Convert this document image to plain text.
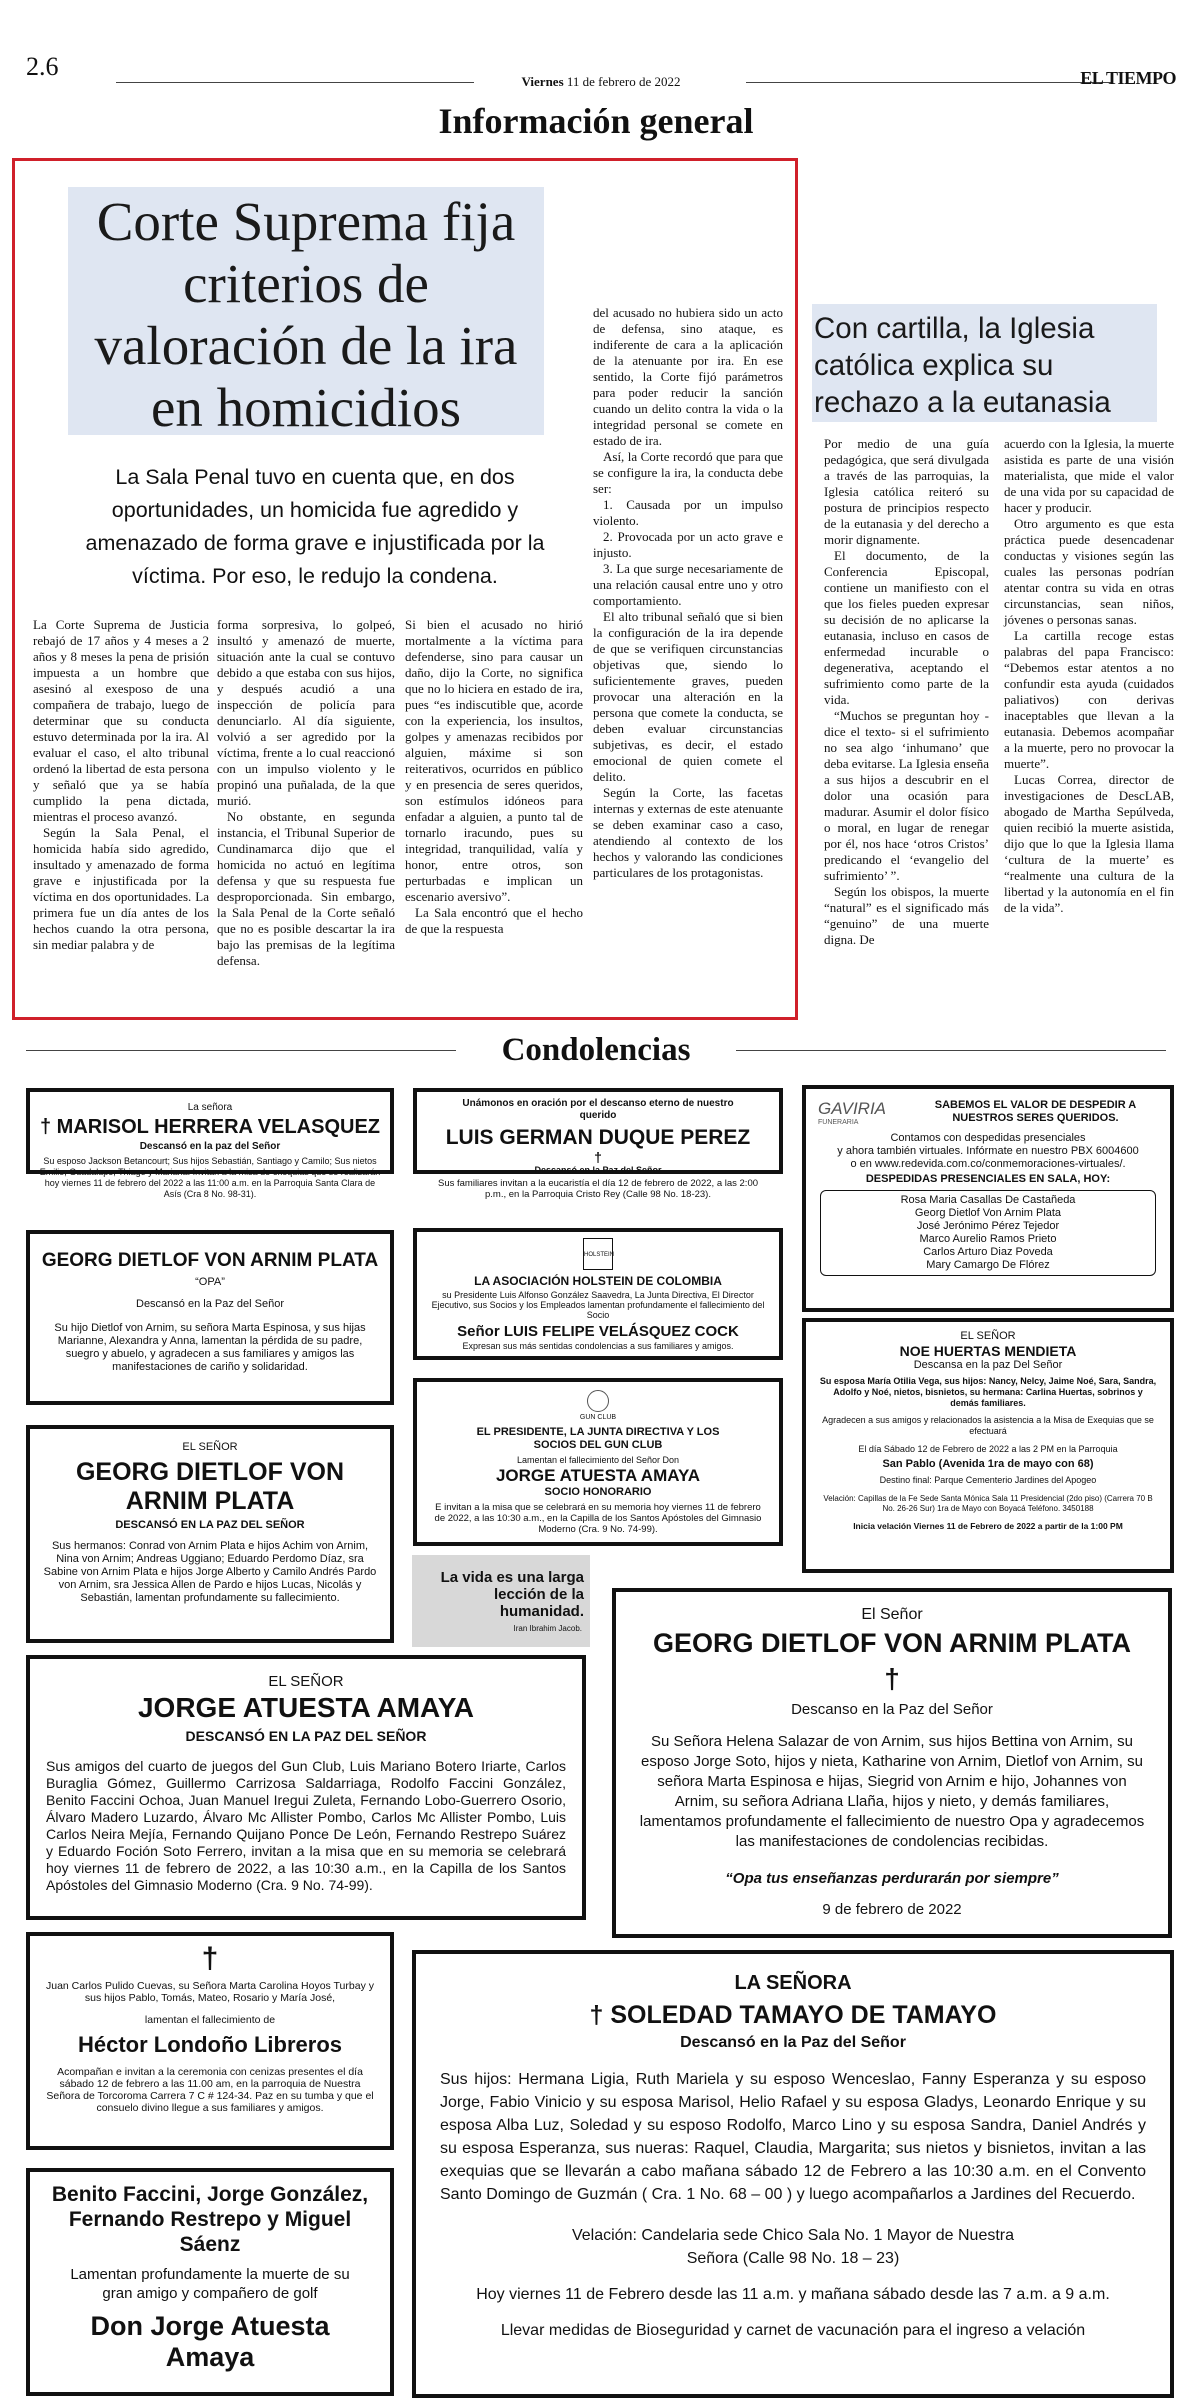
2.6
Viernes 11 de febrero de 2022	EL TIEMPO
Información general
Corte Suprema fija criterios de valoración de la ira en homicidios
La Sala Penal tuvo en cuenta que, en dos oportunidades, un homicida fue agredido y amenazado de forma grave e injustificada por la víctima. Por eso, le redujo la condena.

La Corte Suprema de Justicia rebajó de 17 años y 4 meses a 2 años y 8 meses la pena de prisión impuesta a un hombre que asesinó al exesposo de una compañera de trabajo, luego de determinar que su conducta estuvo determinada por la ira. Al evaluar el caso, el alto tribunal ordenó la libertad de esta persona y señaló que ya se había cumplido la pena dictada, mientras el proceso avanzó.

Según la Sala Penal, el homicida había sido agredido, insultado y amenazado de forma grave e injustificada por la víctima en dos oportunidades. La primera fue un día antes de los hechos cuando la otra persona, sin mediar palabra y de

forma sorpresiva, lo golpeó, insultó y amenazó de muerte, situación ante la cual se contuvo debido a que estaba con sus hijos, y después acudió a una inspección de policía para denunciarlo. Al día siguiente, volvió a ser agredido por la víctima, frente a lo cual reaccionó con un impulso violento y le propinó una puñalada, de la que murió.

No obstante, en segunda instancia, el Tribunal Superior de Cundinamarca dijo que el homicida no actuó en legítima defensa y que su respuesta fue desproporcionada. Sin embargo, la Sala Penal de la Corte señaló que no es posible descartar la ira bajo las premisas de la legítima defensa.

Si bien el acusado no hirió mortalmente a la víctima para defenderse, sino para causar un daño, dijo la Corte, no significa que no lo hiciera en estado de ira, pues “es indiscutible que, acorde con la experiencia, los insultos, golpes y amenazas recibidos por alguien, máxime si son reiterativos, ocurridos en público y en presencia de seres queridos, son estímulos idóneos para enfadar a alguien, a punto tal de tornarlo iracundo, pues su integridad, tranquilidad, valía y honor, entre otros, son perturbadas e implican un escenario aversivo”.

La Sala encontró que el hecho de que la respuesta

del acusado no hubiera sido un acto de defensa, sino ataque, es indiferente de cara a la aplicación de la atenuante por ira. En ese sentido, la Corte fijó parámetros para poder reducir la sanción cuando un delito contra la vida o la integridad personal se comete en estado de ira.

Así, la Corte recordó que para que se configure la ira, la conducta debe ser:

1. Causada por un impulso violento.

2. Provocada por un acto grave e injusto.

3. La que surge necesariamente de una relación causal entre uno y otro comportamiento.

El alto tribunal señaló que si bien la configuración de la ira depende de que se verifiquen circunstancias objetivas que, siendo lo suficientemente graves, pueden provocar una alteración en la persona que comete la conducta, se deben evaluar circunstancias subjetivas, es decir, el estado emocional de quien comete el delito.

Según la Corte, las facetas internas y externas de este atenuante se deben examinar caso a caso, atendiendo al contexto de los hechos y valorando las condiciones particulares de los protagonistas.

Con cartilla, la Iglesia católica explica su rechazo a la eutanasia

Por medio de una guía pedagógica, que será divulgada a través de las parroquias, la Iglesia católica reiteró su postura de principios respecto de la eutanasia y del derecho a morir dignamente.

El documento, de la Conferencia Episcopal, contiene un manifiesto con el que los fieles pueden expresar su decisión de no aplicarse la eutanasia, incluso en casos de enfermedad incurable o degenerativa, aceptando el sufrimiento como parte de la vida.

“Muchos se preguntan hoy -dice el texto- si el sufrimiento no sea algo ‘inhumano’ que deba evitarse. La Iglesia enseña a sus hijos a descubrir en el dolor una ocasión para madurar. Asumir el dolor físico o moral, en lugar de renegar por él, nos hace ‘otros Cristos’ predicando el ‘evangelio del sufrimiento’ ”.

Según los obispos, la muerte “natural” es el significado más “genuino” de una muerte digna. De

acuerdo con la Iglesia, la muerte asistida es parte de una visión materialista, que mide el valor de una vida por su capacidad de hacer y producir.

Otro argumento es que esta práctica puede desencadenar conductas y visiones según las cuales las personas podrían atentar contra su vida en otras circunstancias, sean niños, jóvenes o personas sanas.

La cartilla recoge estas palabras del papa Francisco: “Debemos estar atentos a no confundir esta ayuda (cuidados paliativos) con derivas inaceptables que llevan a la eutanasia. Debemos acompañar a la muerte, pero no provocar la muerte”.

Lucas Correa, director de investigaciones de DescLAB, abogado de Martha Sepúlveda, quien recibió la muerte asistida, dijo que lo que la Iglesia llama ‘cultura de la muerte’ es “realmente una cultura de la libertad y la autonomía en el fin de la vida”.

Condolencias
La señora
† MARISOL HERRERA VELASQUEZ
Descansó en la paz del Señor
Su esposo Jackson Betancourt; Sus hijos Sebastián, Santiago y Camilo; Sus nietos Emilio, Guadalupe, Thiago y Mariana. Invitan a la misa de exequias que se realizarán hoy viernes 11 de febrero del 2022 a las 11:00 a.m. en la Parroquia Santa Clara de Asís (Cra 8 No. 98-31).
Unámonos en oración por el descanso eterno de nuestro querido
LUIS GERMAN DUQUE PEREZ
†
Descansó en la Paz del Señor
Sus familiares invitan a la eucaristía el día 12 de febrero de 2022, a las 2:00 p.m., en la Parroquia Cristo Rey (Calle 98 No. 18-23).
GAVIRIA
FUNERARIA
SABEMOS EL VALOR DE DESPEDIR A NUESTROS SERES QUERIDOS.
Contamos con despedidas presenciales
y ahora también virtuales. Infórmate en nuestro PBX 6004600
o en www.redevida.com.co/conmemoraciones-virtuales/.
DESPEDIDAS PRESENCIALES EN SALA, HOY:
Rosa Maria Casallas De Castañeda
Georg Dietlof Von Arnim Plata
José Jerónimo Pérez Tejedor
Marco Aurelio Ramos Prieto
Carlos Arturo Diaz Poveda
Mary Camargo De Flórez
GEORG DIETLOF VON ARNIM PLATA
“OPA”
Descansó en la Paz del Señor
Su hijo Dietlof von Arnim, su señora Marta Espinosa, y sus hijas Marianne, Alexandra y Anna, lamentan la pérdida de su padre, suegro y abuelo, y agradecen a sus familiares y amigos las manifestaciones de cariño y solidaridad.
HOLSTEIN
LA ASOCIACIÓN HOLSTEIN DE COLOMBIA
su Presidente Luis Alfonso González Saavedra, La Junta Directiva, El Director Ejecutivo, sus Socios y los Empleados lamentan profundamente el fallecimiento del Socio
Señor LUIS FELIPE VELÁSQUEZ COCK
Expresan sus más sentidas condolencias a sus familiares y amigos.
EL SEÑOR
NOE HUERTAS MENDIETA
Descansa en la paz Del Señor
Su esposa María Otilia Vega, sus hijos: Nancy, Nelcy, Jaime Noé, Sara, Sandra, Adolfo y Noé, nietos, bisnietos, su hermana: Carlina Huertas, sobrinos y demás familiares.
Agradecen a sus amigos y relacionados la asistencia a la Misa de Exequias que se efectuará
El día Sábado 12 de Febrero de 2022 a las 2 PM en la Parroquia
San Pablo (Avenida 1ra de mayo con 68)
Destino final: Parque Cementerio Jardines del Apogeo
Velación: Capillas de la Fe Sede Santa Mónica Sala 11 Presidencial (2do piso) (Carrera 70 B No. 26-26 Sur) 1ra de Mayo con Boyacá Teléfono. 3450188
Inicia velación Viernes 11 de Febrero de 2022 a partir de la 1:00 PM
EL SEÑOR
GEORG DIETLOF VON ARNIM PLATA
DESCANSÓ EN LA PAZ DEL SEÑOR
Sus hermanos: Conrad von Arnim Plata e hijos Achim von Arnim, Nina von Arnim; Andreas Uggiano; Eduardo Perdomo Díaz, sra Sabine von Arnim Plata e hijos Jorge Alberto y Camilo Andrés Pardo von Arnim, sra Jessica Allen de Pardo e hijos Lucas, Nicolás y Sebastián, lamentan profundamente su fallecimiento.
GUN CLUB
EL PRESIDENTE, LA JUNTA DIRECTIVA Y LOS SOCIOS DEL GUN CLUB
Lamentan el fallecimiento del Señor Don
JORGE ATUESTA AMAYA
SOCIO HONORARIO
E invitan a la misa que se celebrará en su memoria hoy viernes 11 de febrero de 2022, a las 10:30 a.m., en la Capilla de los Santos Apóstoles del Gimnasio Moderno (Cra. 9 No. 74-99).
La vida es una larga lección de la humanidad.
Iran Ibrahim Jacob.
El Señor
GEORG DIETLOF VON ARNIM PLATA
†
Descanso en la Paz del Señor
Su Señora Helena Salazar de von Arnim, sus hijos Bettina von Arnim, su esposo Jorge Soto, hijos y nieta, Katharine von Arnim, Dietlof von Arnim, su señora Marta Espinosa e hijas, Siegrid von Arnim e hijo, Johannes von Arnim, su señora Adriana Llaña, hijos y nieto, y demás familiares, lamentamos profundamente el fallecimiento de nuestro Opa y agradecemos las manifestaciones de condolencias recibidas.
“Opa tus enseñanzas perdurarán por siempre”
9 de febrero de 2022
EL SEÑOR
JORGE ATUESTA AMAYA
DESCANSÓ EN LA PAZ DEL SEÑOR
Sus amigos del cuarto de juegos del Gun Club, Luis Mariano Botero Iriarte, Carlos Buraglia Gómez, Guillermo Carrizosa Saldarriaga, Rodolfo Faccini González, Benito Faccini Ochoa, Juan Manuel Iregui Zuleta, Fernando Lobo-Guerrero Osorio, Álvaro Madero Luzardo, Álvaro Mc Allister Pombo, Carlos Mc Allister Pombo, Luis Carlos Neira Mejía, Fernando Quijano Ponce De León, Fernando Restrepo Suárez y Eduardo Foción Soto Ferrero, invitan a la misa que en su memoria se celebrará hoy viernes 11 de febrero de 2022, a las 10:30 a.m., en la Capilla de los Santos Apóstoles del Gimnasio Moderno (Cra. 9 No. 74-99).
†
Juan Carlos Pulido Cuevas, su Señora Marta Carolina Hoyos Turbay y sus hijos Pablo, Tomás, Mateo, Rosario y María José,
lamentan el fallecimiento de
Héctor Londoño Libreros
Acompañan e invitan a la ceremonia con cenizas presentes el día sábado 12 de febrero a las 11.00 am, en la parroquia de Nuestra Señora de Torcoroma Carrera 7 C # 124-34. Paz en su tumba y que el consuelo divino llegue a sus familiares y amigos.
LA SEÑORA
† SOLEDAD TAMAYO DE TAMAYO
Descansó en la Paz del Señor
Sus hijos: Hermana Ligia, Ruth Mariela y su esposo Wenceslao, Fanny Esperanza y su esposo Jorge, Fabio Vinicio y su esposa Marisol, Helio Rafael y su esposa Gladys, Leonardo Enrique y su esposa Alba Luz, Soledad y su esposo Rodolfo, Marco Lino y su esposa Sandra, Daniel Andrés y su esposa Esperanza, sus nueras: Raquel, Claudia, Margarita; sus nietos y bisnietos, invitan a las exequias que se llevarán a cabo mañana sábado 12 de Febrero a las 10:30 a.m. en el Convento Santo Domingo de Guzmán ( Cra. 1 No. 68 – 00 ) y luego acompañarlos a Jardines del Recuerdo.
Velación: Candelaria sede Chico Sala No. 1 Mayor de Nuestra Señora (Calle 98 No. 18 – 23)
Hoy viernes 11 de Febrero desde las 11 a.m. y mañana sábado desde las 7 a.m. a 9 a.m.
Llevar medidas de Bioseguridad y carnet de vacunación para el ingreso a velación
Benito Faccini, Jorge González, Fernando Restrepo y Miguel Sáenz
Lamentan profundamente la muerte de su gran amigo y compañero de golf
Don Jorge Atuesta Amaya
